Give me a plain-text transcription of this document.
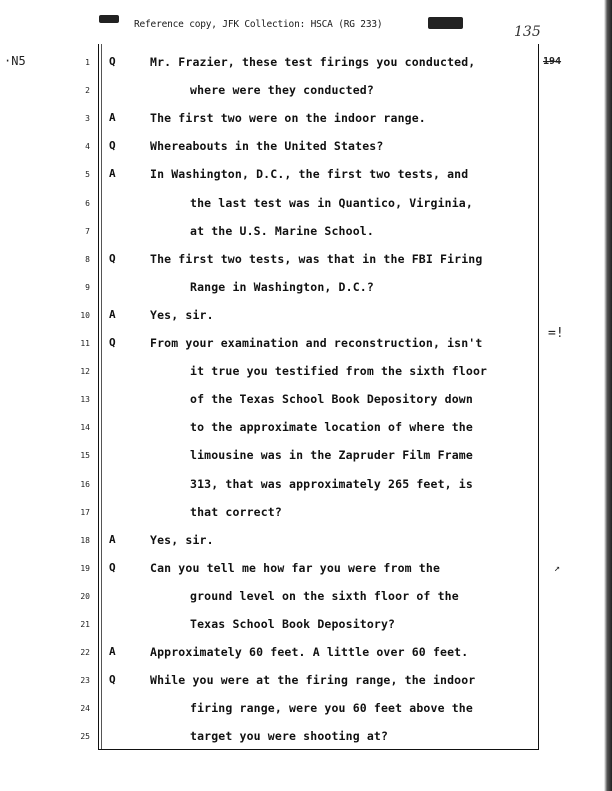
Reference copy, JFK Collection: HSCA (RG 233)	135
·N5	194
=!
↗
1 Q	Mr. Frazier, these test firings you conducted,
2	where were they conducted?
3 A	The first two were on the indoor range.
4 Q	Whereabouts in the United States?
5 A	In Washington, D.C., the first two tests, and
6	the last test was in Quantico, Virginia,
7	at the U.S. Marine School.
8 Q	The first two tests, was that in the FBI Firing
9	Range in Washington, D.C.?
10 A	Yes, sir.
11 Q	From your examination and reconstruction, isn't
12	it true you testified from the sixth floor
13	of the Texas School Book Depository down
14	to the approximate location of where the
15	limousine was in the Zapruder Film Frame
16	313, that was approximately 265 feet, is
17	that correct?
18 A	Yes, sir.
19 Q	Can you tell me how far you were from the
20	ground level on the sixth floor of the
21	Texas School Book Depository?
22 A	Approximately 60 feet. A little over 60 feet.
23 Q	While you were at the firing range, the indoor
24	firing range, were you 60 feet above the
25	target you were shooting at?
